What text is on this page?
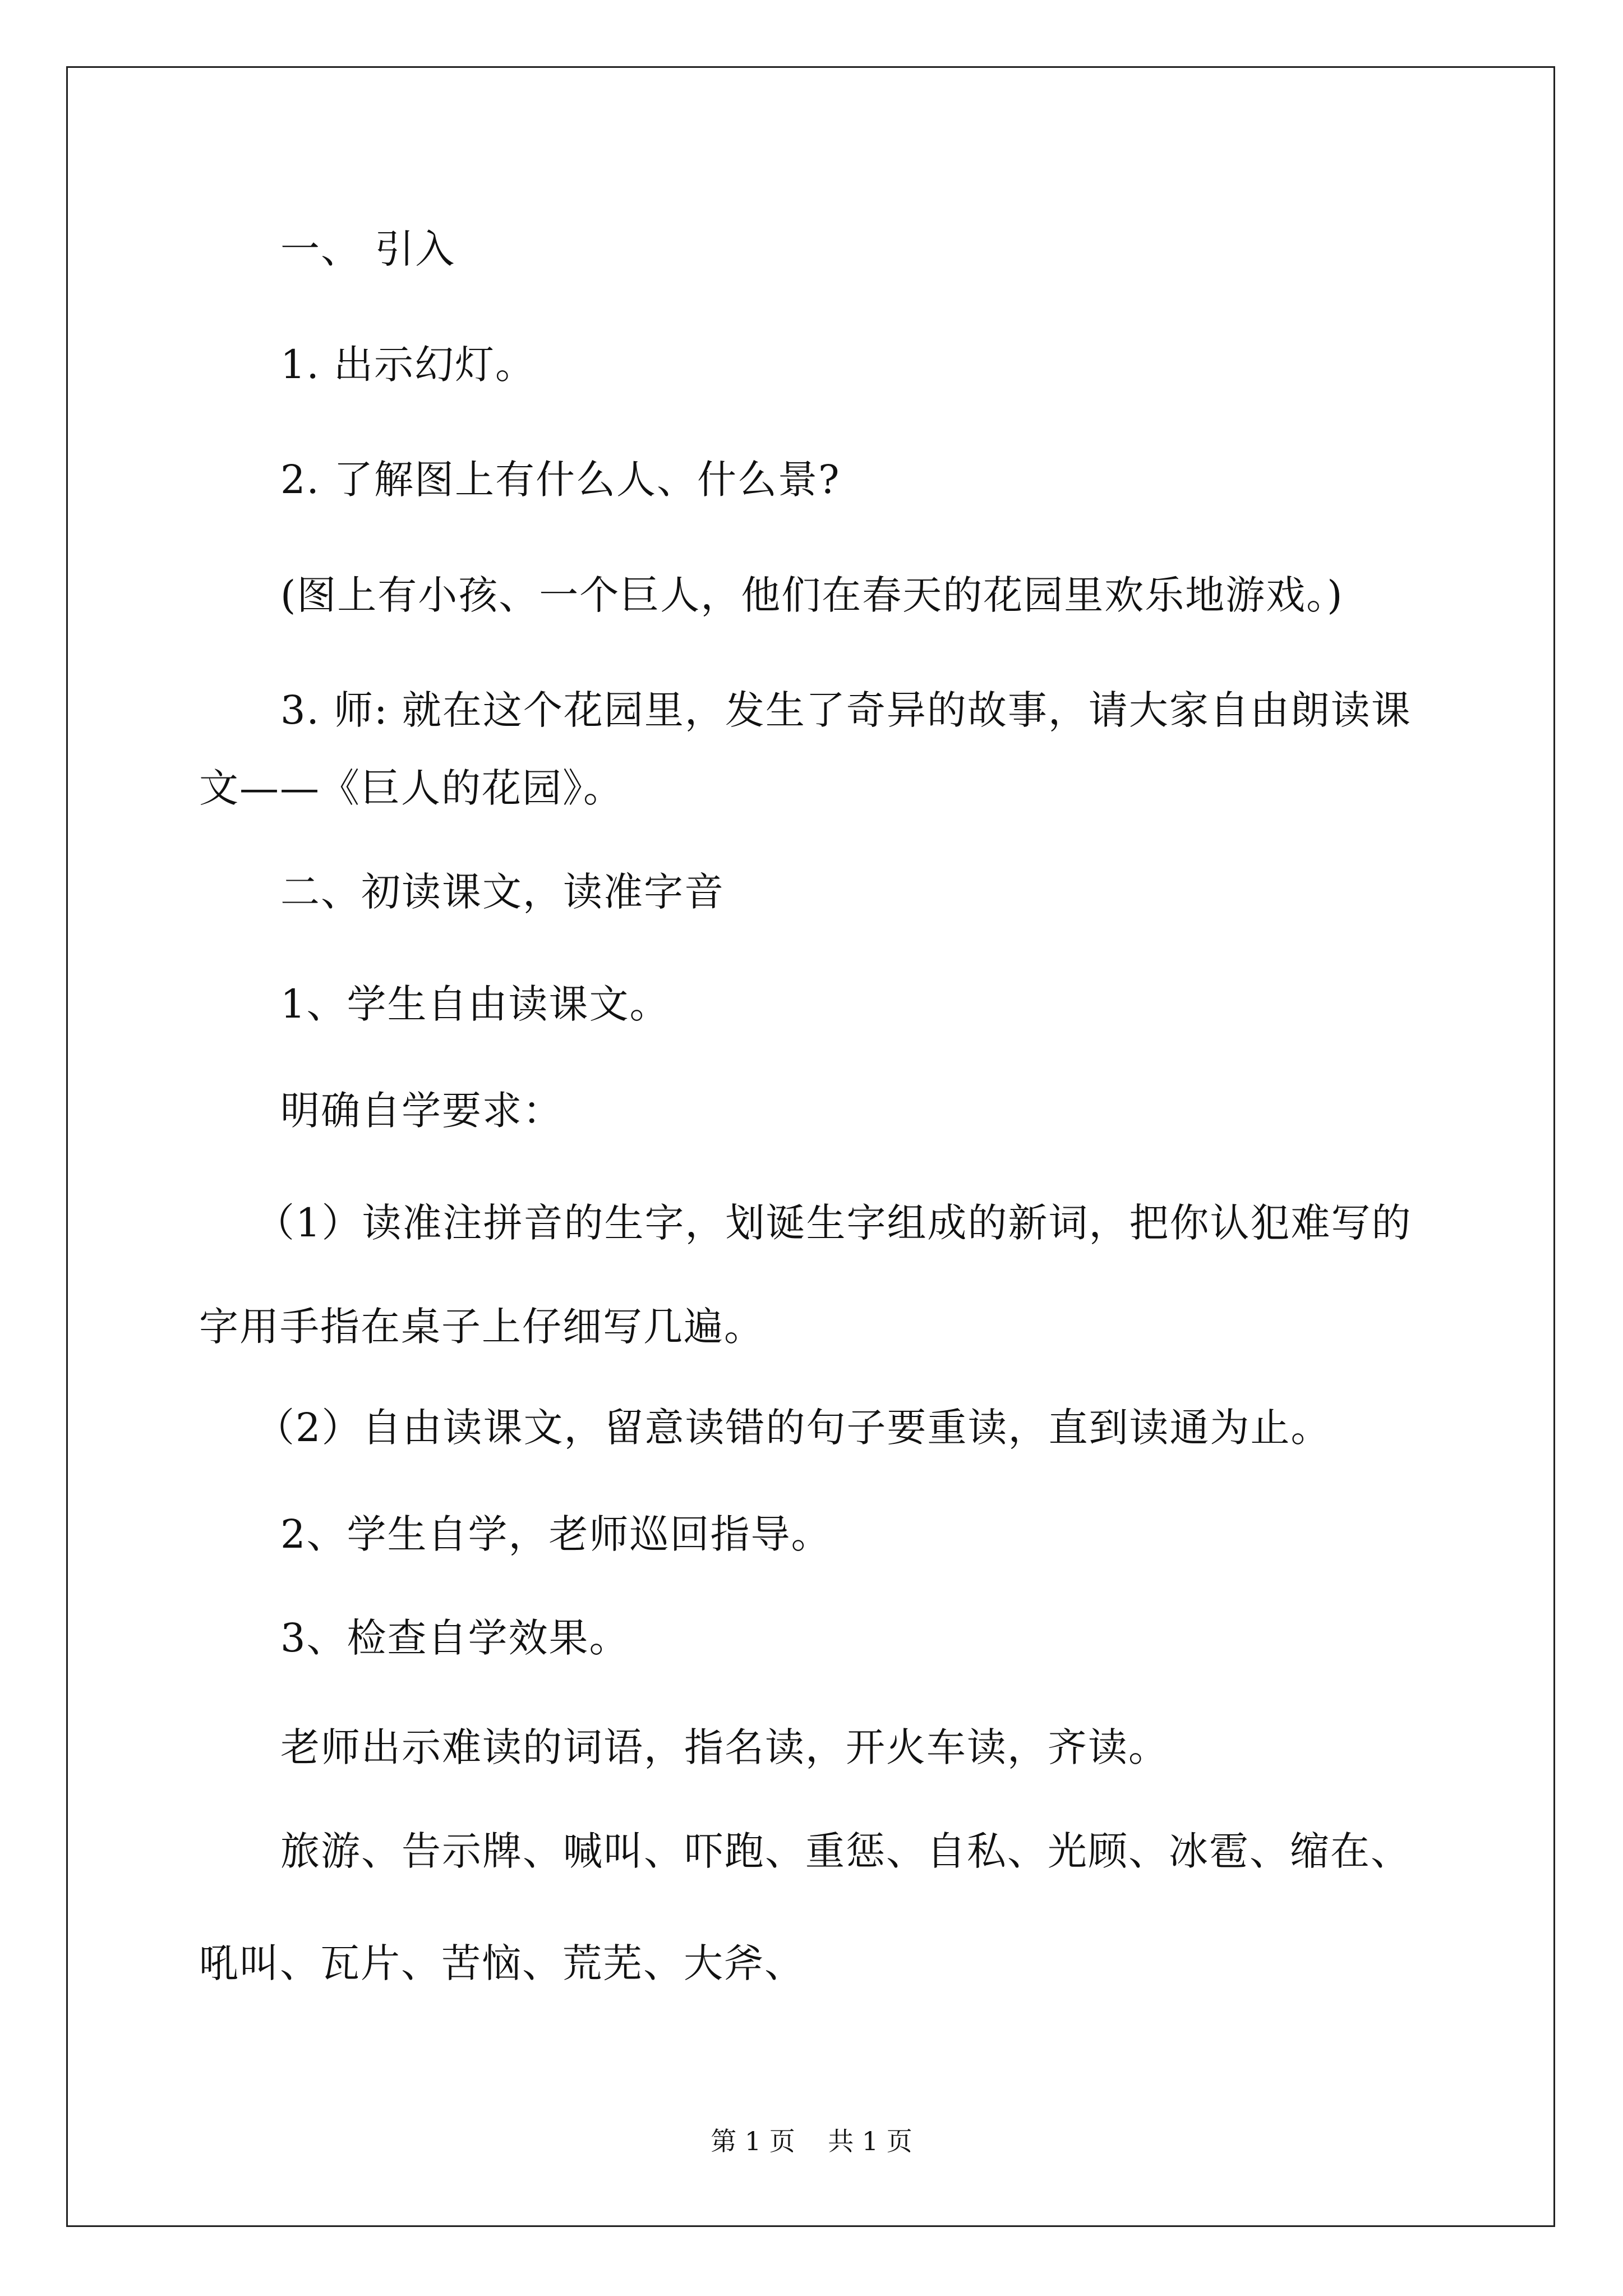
一、 引入
1. 出示幻灯。
2. 了解图上有什么人、什么景?
(图上有小孩、一个巨人，他们在春天的花园里欢乐地游戏。)
3. 师: 就在这个花园里，发生了奇异的故事，请大家自由朗读课
文——《巨人的花园》。
二、初读课文，读准字音
1、学生自由读课文。
明确自学要求：
（1）读准注拼音的生字，划诞生字组成的新词，把你认犯难写的
字用手指在桌子上仔细写几遍。
（2）自由读课文，留意读错的句子要重读，直到读通为止。
2、学生自学，老师巡回指导。
3、检查自学效果。
老师出示难读的词语，指名读，开火车读，齐读。
旅游、告示牌、喊叫、吓跑、重惩、自私、光顾、冰雹、缩在、
吼叫、瓦片、苦恼、荒芜、大斧、
第 1 页    共 1 页
